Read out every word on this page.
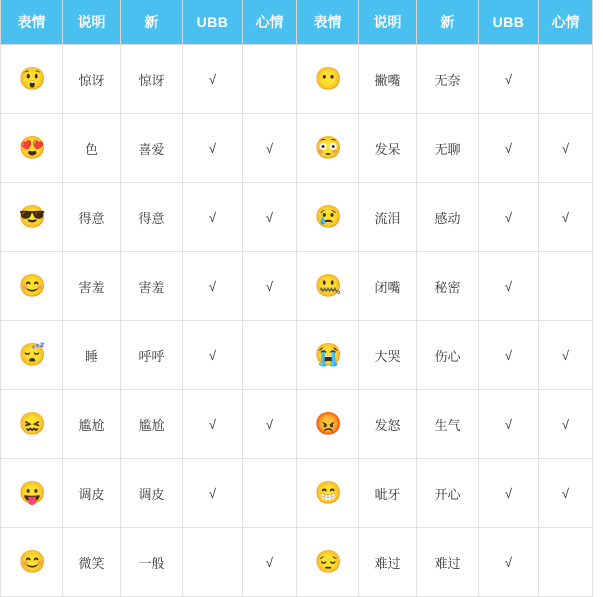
表情	说明	新	UBB	心情	表情	说明	新	UBB	心情
😲	惊讶	惊讶	√		😶	撇嘴	无奈	√	
😍	色	喜爱	√	√	😳	发呆	无聊	√	√
😎	得意	得意	√	√	😢	流泪	感动	√	√
😊	害羞	害羞	√	√	🤐	闭嘴	秘密	√	
😴	睡	呼呼	√		😭	大哭	伤心	√	√
😖	尴尬	尴尬	√	√	😡	发怒	生气	√	√
😛	调皮	调皮	√		😁	呲牙	开心	√	√
😊	微笑	一般		√	😔	难过	难过	√	
